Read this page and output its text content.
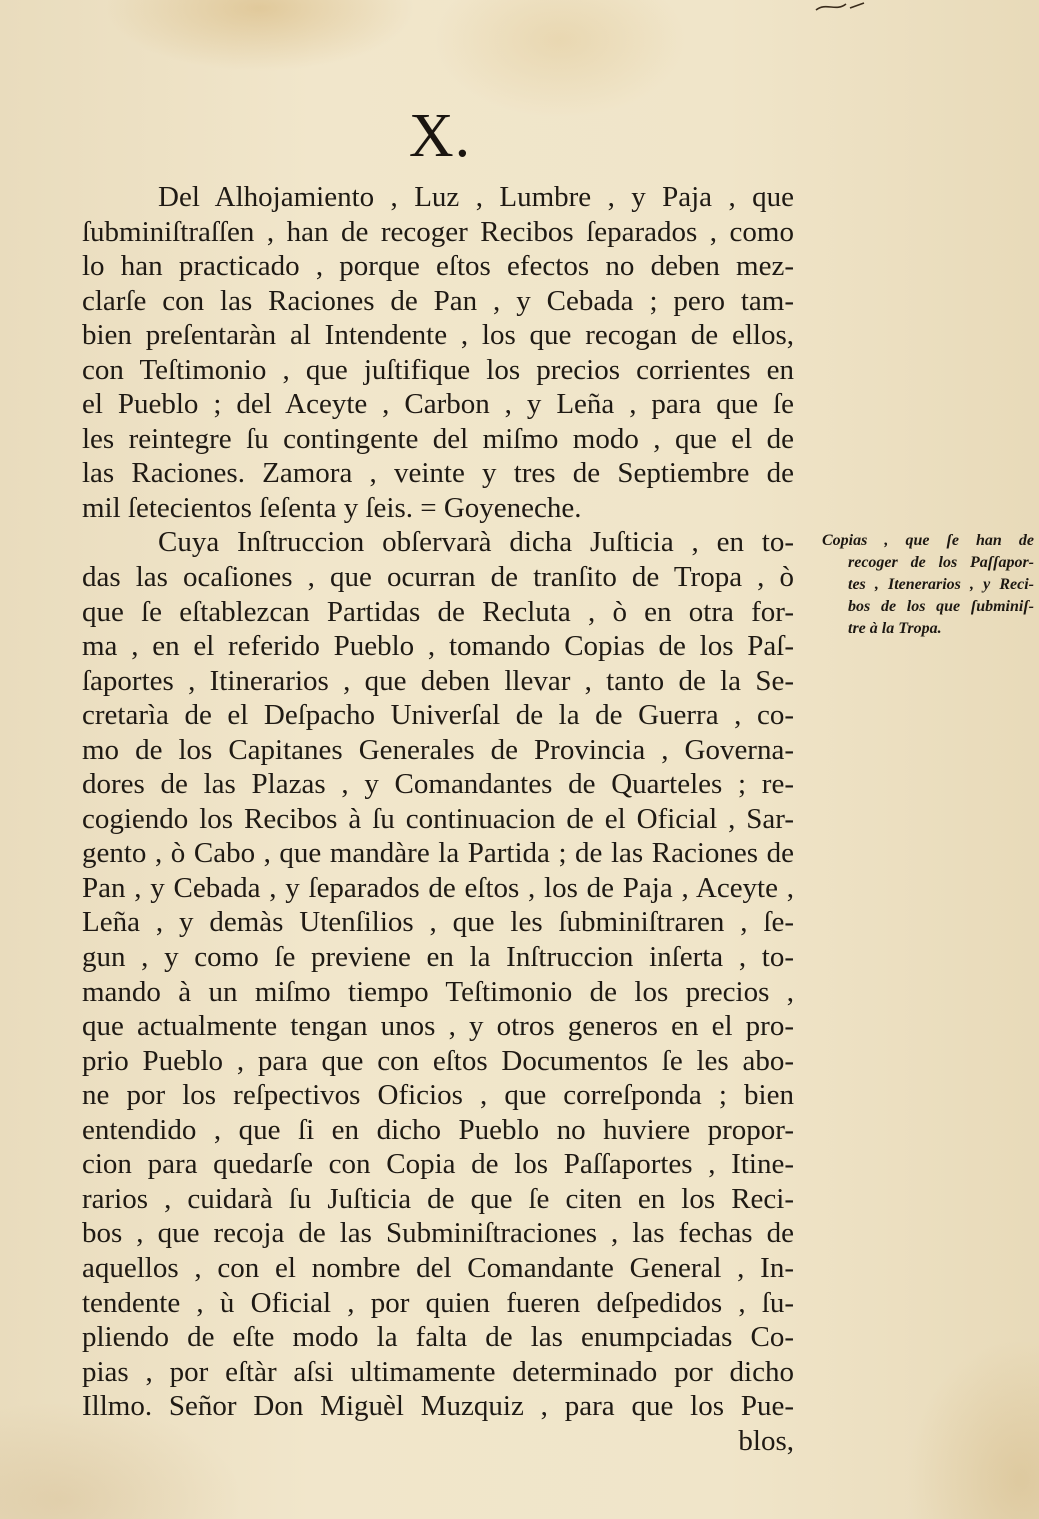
X.
Del Alhojamiento , Luz , Lumbre , y Paja , que
ſubminiſtraſſen , han de recoger Recibos ſeparados , como
lo han practicado , porque eſtos efectos no deben mez-
clarſe con las Raciones de Pan , y Cebada ; pero tam-
bien preſentaràn al Intendente , los que recogan de ellos,
con Teſtimonio , que juſtifique los precios corrientes en
el Pueblo ; del Aceyte , Carbon , y Leña , para que ſe
les reintegre ſu contingente del miſmo modo , que el de
las Raciones. Zamora , veinte y tres de Septiembre de
mil ſetecientos ſeſenta y ſeis. = Goyeneche.
Cuya Inſtruccion obſervarà dicha Juſticia , en to-
das las ocaſiones , que ocurran de tranſito de Tropa , ò
que ſe eſtablezcan Partidas de Recluta , ò en otra for-
ma , en el referido Pueblo , tomando Copias de los Paſ-
ſaportes , Itinerarios , que deben llevar , tanto de la Se-
cretarìa de el Deſpacho Univerſal de la de Guerra , co-
mo de los Capitanes Generales de Provincia , Governa-
dores de las Plazas , y Comandantes de Quarteles ; re-
cogiendo los Recibos à ſu continuacion de el Oficial , Sar-
gento , ò Cabo , que mandàre la Partida ; de las Raciones de
Pan , y Cebada , y ſeparados de eſtos , los de Paja , Aceyte ,
Leña , y demàs Utenſilios , que les ſubminiſtraren , ſe-
gun , y como ſe previene en la Inſtruccion inſerta , to-
mando à un miſmo tiempo Teſtimonio de los precios ,
que actualmente tengan unos , y otros generos en el pro-
prio Pueblo , para que con eſtos Documentos ſe les abo-
ne por los reſpectivos Oficios , que correſponda ; bien
entendido , que ſi en dicho Pueblo no huviere propor-
cion para quedarſe con Copia de los Paſſaportes , Itine-
rarios , cuidarà ſu Juſticia de que ſe citen en los Reci-
bos , que recoja de las Subminiſtraciones , las fechas de
aquellos , con el nombre del Comandante General , In-
tendente , ù Oficial , por quien fueren deſpedidos , ſu-
pliendo de eſte modo la falta de las enumpciadas Co-
pias , por eſtàr aſsi ultimamente determinado por dicho
Illmo. Señor Don Miguèl Muzquiz , para que los Pue-
blos,
Copias , que ſe han de
recoger de los Paſſapor-
tes , Itenerarios , y Reci-
bos de los que ſubminiſ-
tre à la Tropa.
